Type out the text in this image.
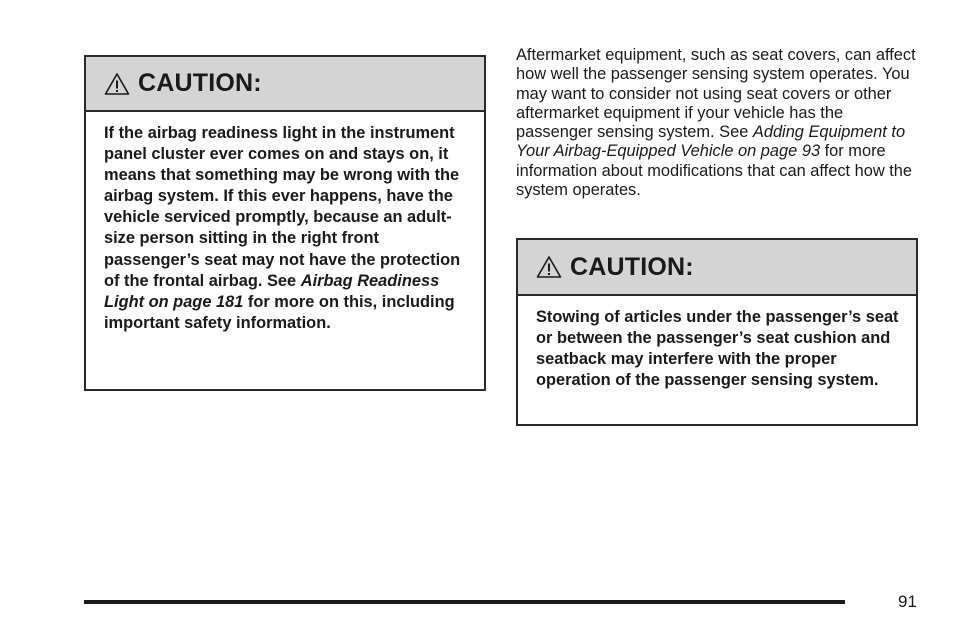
CAUTION:
If the airbag readiness light in the instrument panel cluster ever comes on and stays on, it means that something may be wrong with the airbag system. If this ever happens, have the vehicle serviced promptly, because an adult-size person sitting in the right front passenger’s seat may not have the protection of the frontal airbag. See Airbag Readiness Light on page 181 for more on this, including important safety information.
Aftermarket equipment, such as seat covers, can affect how well the passenger sensing system operates. You may want to consider not using seat covers or other aftermarket equipment if your vehicle has the passenger sensing system. See Adding Equipment to Your Airbag-Equipped Vehicle on page 93 for more information about modifications that can affect how the system operates.
CAUTION:
Stowing of articles under the passenger’s seat or between the passenger’s seat cushion and seatback may interfere with the proper operation of the passenger sensing system.
91
